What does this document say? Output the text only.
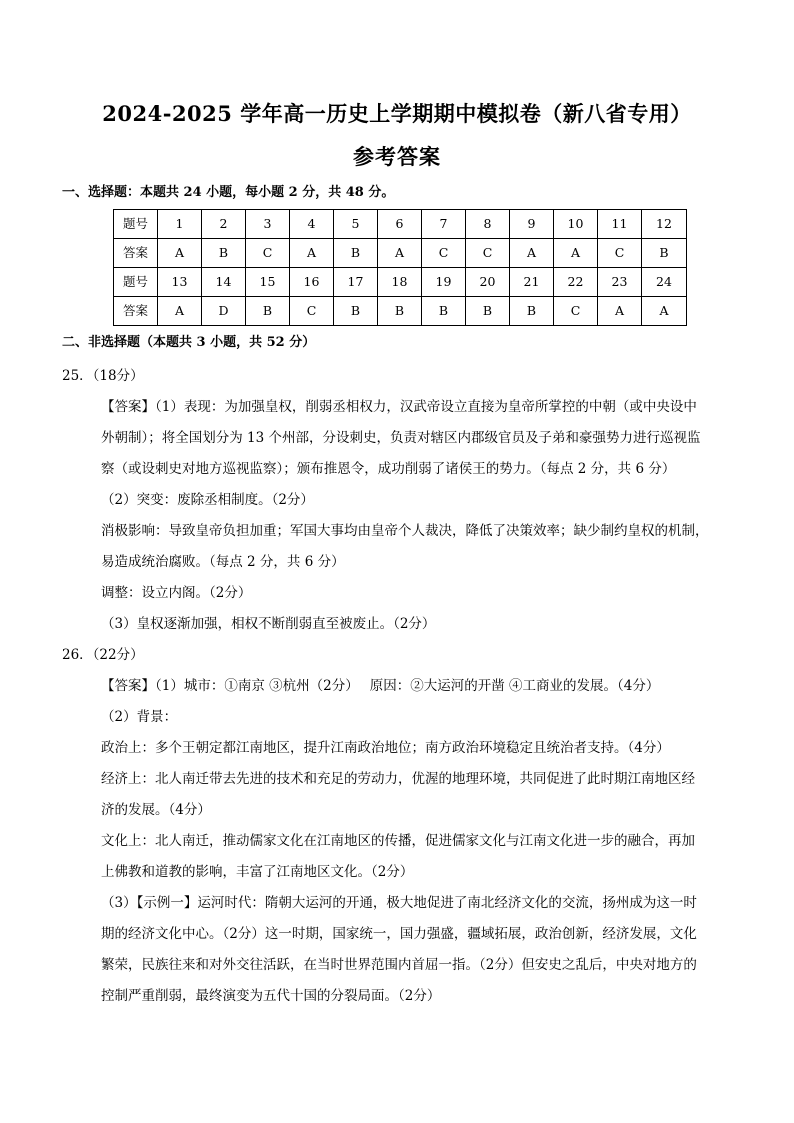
2024-2025 学年高一历史上学期期中模拟卷（新八省专用）
参考答案
一、选择题：本题共 24 小题，每小题 2 分，共 48 分。
题号	1	2	3	4	5	6	7	8	9	10	11	12
答案	A	B	C	A	B	A	C	C	A	A	C	B
题号	13	14	15	16	17	18	19	20	21	22	23	24
答案	A	D	B	C	B	B	B	B	B	C	A	A
二、非选择题（本题共 3 小题，共 52 分）
25．（18分）
【答案】（1）表现：为加强皇权，削弱丞相权力，汉武帝设立直接为皇帝所掌控的中朝（或中央设中
外朝制）；将全国划分为 13 个州部，分设刺史，负责对辖区内郡级官员及子弟和豪强势力进行巡视监
察（或设刺史对地方巡视监察）；颁布推恩令，成功削弱了诸侯王的势力。（每点 2 分，共 6 分）
（2）突变：废除丞相制度。（2分）
消极影响：导致皇帝负担加重；军国大事均由皇帝个人裁决，降低了决策效率；缺少制约皇权的机制，
易造成统治腐败。（每点 2 分，共 6 分）
调整：设立内阁。（2分）
（3）皇权逐渐加强，相权不断削弱直至被废止。（2分）
26．（22分）
【答案】（1）城市：①南京 ③杭州（2分）　 原因：②大运河的开凿 ④工商业的发展。（4分）
（2）背景：
政治上：多个王朝定都江南地区，提升江南政治地位；南方政治环境稳定且统治者支持。（4分）
经济上：北人南迁带去先进的技术和充足的劳动力，优渥的地理环境，共同促进了此时期江南地区经
济的发展。（4分）
文化上：北人南迁，推动儒家文化在江南地区的传播，促进儒家文化与江南文化进一步的融合，再加
上佛教和道教的影响，丰富了江南地区文化。（2分）
（3）【示例一】运河时代：隋朝大运河的开通，极大地促进了南北经济文化的交流，扬州成为这一时
期的经济文化中心。（2分）这一时期，国家统一，国力强盛，疆域拓展，政治创新，经济发展，文化
繁荣，民族往来和对外交往活跃，在当时世界范围内首屈一指。（2分）但安史之乱后，中央对地方的
控制严重削弱，最终演变为五代十国的分裂局面。（2分）
